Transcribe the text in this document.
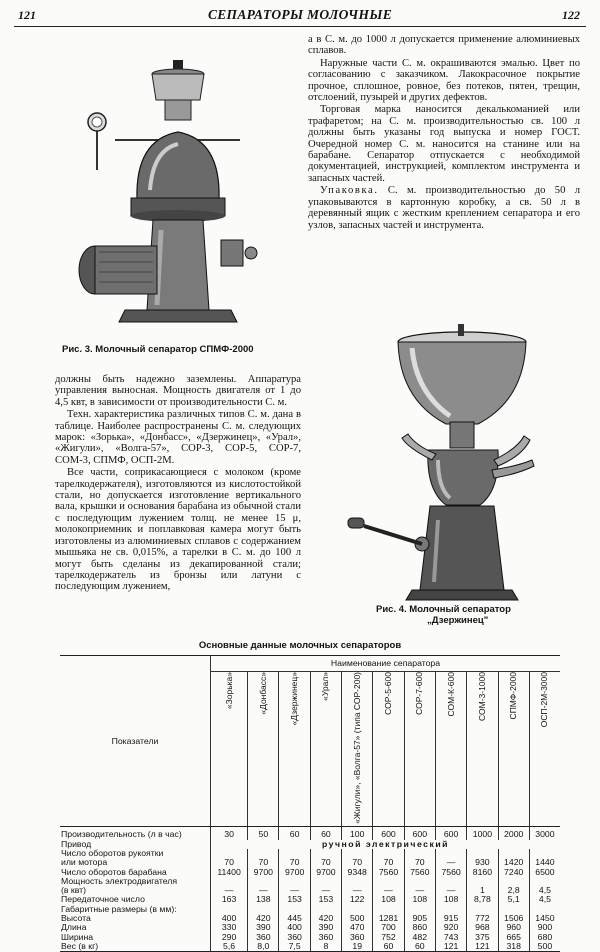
121	СЕПАРАТОРЫ МОЛОЧНЫЕ	122
Рис. 3. Молочный сепаратор СПМФ-2000

а в С. м. до 1000 л допускается применение алюминиевых сплавов.

Наружные части С. м. окрашиваются эмалью. Цвет по согласованию с заказчиком. Лакокрасочное покрытие прочное, сплошное, ровное, без потеков, пятен, трещин, отслоений, пузырей и других дефектов.

Торговая марка наносится декалькоманией или трафаретом; на С. м. производительностью св. 100 л должны быть указаны год выпуска и номер ГОСТ. Очередной номер С. м. наносится на станине или на барабане. Сепаратор отпускается с необходимой документацией, инструкцией, комплектом инструмента и запасных частей.

Упаковка. С. м. производительностью до 50 л упаковываются в картонную коробку, а св. 50 л в деревянный ящик с жестким креплением сепаратора и его узлов, запасных частей и инструмента.

Рис. 4. Молочный сепаратор
„Дзержинец"

должны быть надежно заземлены. Аппаратура управления выносная. Мощность двигателя от 1 до 4,5 квт, в зависимости от производительности С. м.

Техн. характеристика различных типов С. м. дана в таблице. Наиболее распространены С. м. следующих марок: «Зорька», «Донбасс», «Дзержинец», «Урал», «Жигули», «Волга-57», СОР-3, СОР-5, СОР-7, СОМ-3, СПМФ, ОСП-2М.

Все части, соприкасающиеся с молоком (кроме тарелкодержателя), изготовляются из кислотостойкой стали, но допускается изготовление вертикального вала, крышки и основания барабана из обычной стали с последующим лужением толщ. не менее 15 μ, молокоприемник и поплавковая камера могут быть изготовлены из алюминиевых сплавов с содержанием мышьяка не св. 0,015%, а тарелки в С. м. до 100 л могут быть сделаны из декапированной стали; тарелкодержатель из бронзы или латуни с последующим лужением,

Основные данные молочных сепараторов
Показатели	Наименование сепаратора										
	«Зорька»	«Донбасс»	«Дзержинец»	«Урал»	«Жигули», «Волга-57» (типа СОР-200)	СОР-5-600	СОР-7-600	СОМ-К-600	СОМ-3-1000	СПМФ-2000	ОСП-2М-3000
Производительность (л в час)	30	50	60	60	100	600	600	600	1000	2000	3000
Привод	ручной электрический										
Число оборотов рукоятки											
или мотора	70	70	70	70	70	70	70	—	930	1420	1440
Число оборотов барабана	11400	9700	9700	9700	9348	7560	7560	7560	8160	7240	6500
Мощность электродвигателя											
(в квт)	—	—	—	—	—	—	—	—	1	2,8	4,5
Передаточное число	163	138	153	153	122	108	108	108	8,78	5,1	4,5
Габаритные размеры (в мм):											
Высота	400	420	445	420	500	1281	905	915	772	1506	1450
Длина	330	390	400	390	470	700	860	920	968	960	900
Ширина	290	360	360	360	360	752	482	743	375	665	680
Вес (в кг)	5,6	8,0	7,5	8	19	60	60	121	121	318	500
